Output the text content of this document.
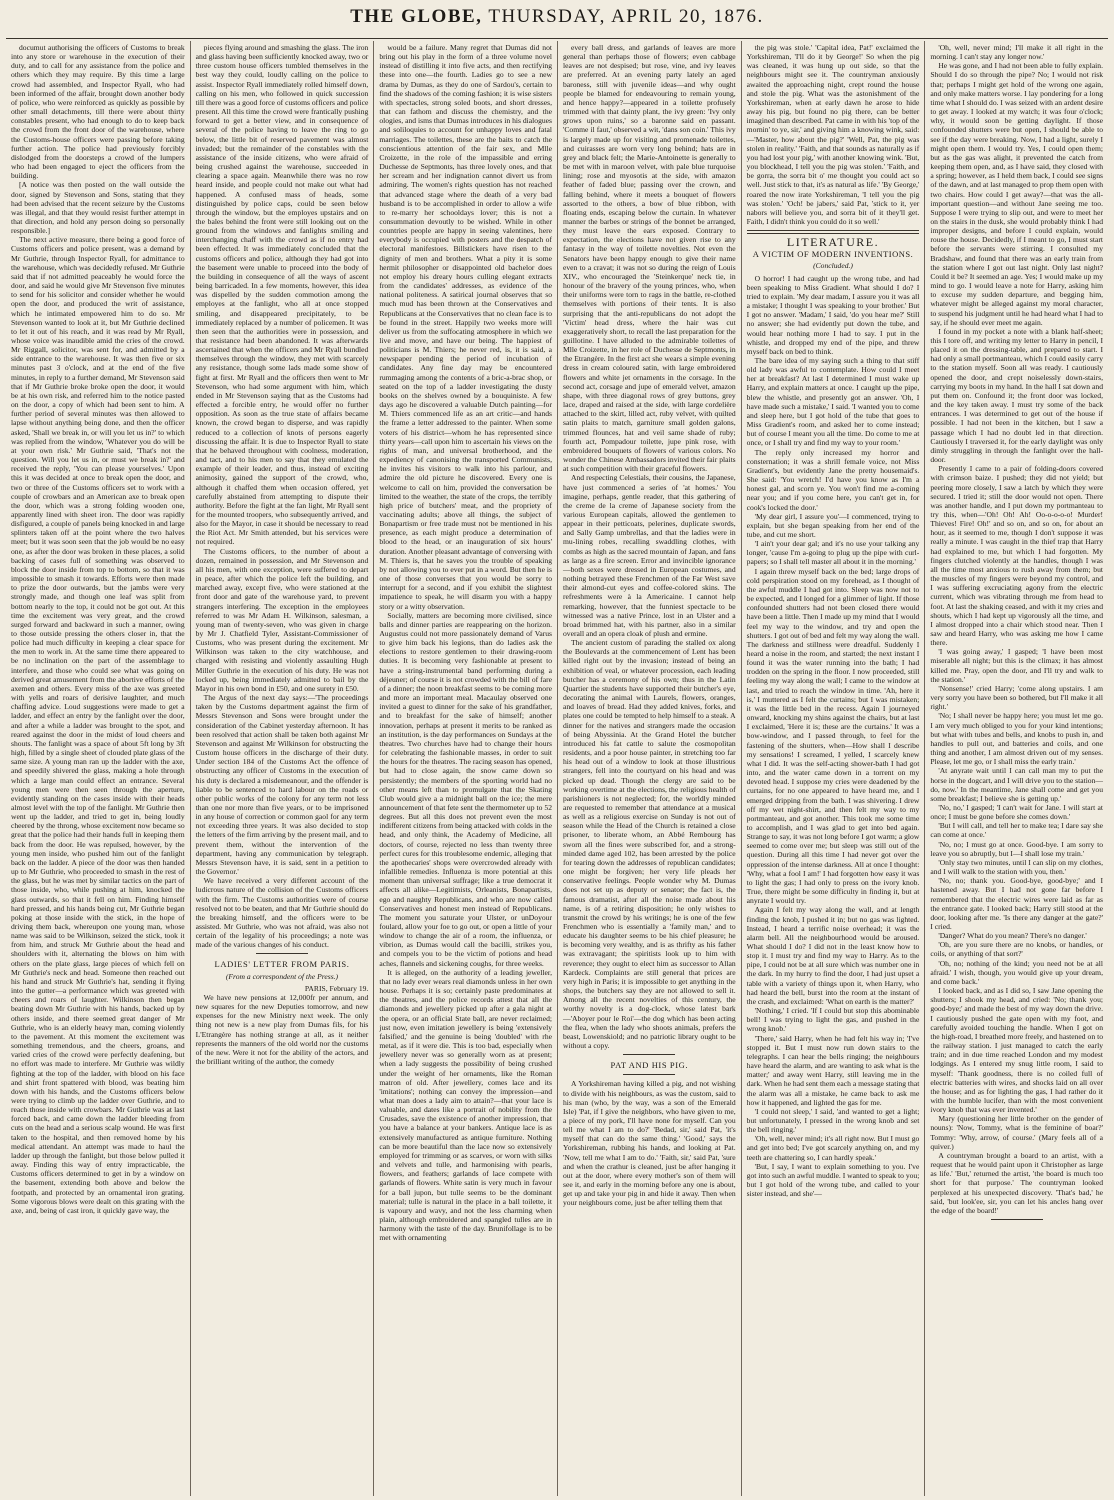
THE GLOBE, THURSDAY, APRIL 20, 1876.

documut authorising the officers of Customs to break into any store or warehouse in the execution of their duty, and to call for any assistance from the police and others which they may require. By this time a large crowd had assembled, and Inspector Ryall, who had been informed of the affair, brought down another body of police, who were reinforced as quickly as possible by other small detachments, till there were about thirty constables present, who had enough to do to keep back the crowd from the front door of the warehouse, where the Customs-house officers were passing before taking further action. The police had previously forcibly dislodged from the doorsteps a crowd of the lumpers who had been engaged to eject the officers from the building.

[A notice was then posted on the wall outside the door, signed by Stevenson and Sons, stating that they had been advised that the recent seizure by the Customs was illegal, and that they would resist further attempt in that direction, and hold any person doing so personally responsible.]

The next active measure, there being a good force of Customs officers and police present, was a demand by Mr Guthrie, through Inspector Ryall, for admittance to the warehouse, which was decidedly refused. Mr Guthrie said that if not admitted peaceably he would force the door, and said he would give Mr Stevenson five minutes to send for his solicitor and consider whether he would open the door, and produced the writ of assistance, which he intimated empowered him to do so. Mr Stevenson wanted to look at it, but Mr Guthrie declined to let it out of his reach, and it was read by Mr Ryall, whose voice was inaudible amid the cries of the crowd. Mr Riggall, solicitor, was sent for, and admitted by a side entrance to the warehouse. It was then five or six minutes past 3 o'clock, and at the end of the five minutes, in reply to a further demand, Mr Stevenson said that if Mr Guthrie broke broke open the door, it would be at his own risk, and referred him to the notice pasted on the door, a copy of which had been sent to him. A further period of several minutes was then allowed to lapse without anything being done, and then the officer asked, 'Shall we break in, or will you let us in?' to which was replied from the window, 'Whatever you do will be at your own risk.' Mr Guthrie said, 'That's not the question. Will you let us in, or must we break in?' and received the reply, 'You can please yourselves.' Upon this it was decided at once to break open the door, and two or three of the Customs officers set to work with a couple of crowbars and an American axe to break open the door, which was a strong folding wooden one, apparently lined with sheet iron. The door was rapidly disfigured, a couple of panels being knocked in and large splinters taken off at the point where the two halves meet; but it was soon seen that the job would be no easy one, as after the door was broken in these places, a solid backing of cases full of something was observed to block the door inside from top to bottom, so that it was impossible to smash it towards. Efforts were then made to prize the door outwards, but the jambs were very strongly made, and though one leaf was split from bottom nearly to the top, it could not be got out. At this time the excitement was very great, and the crowd surged forward and backward in such a manner, owing to those outside pressing the others closer in, that the police had much difficulty in keeping a clear space for the men to work in. At the same time there appeared to be no inclination on the part of the assemblage to interfere, and those who could see what was going on derived great amusement from the abortive efforts of the axemen and others. Every miss of the axe was greeted with yells and roars of derisive laughter, and much chaffing advice. Loud suggestions were made to get a ladder, and effect an entry by the fanlight over the door, and after a while a ladder was brought to the spot, and reared against the door in the midst of loud cheers and shouts. The fanlight was a space of about 5ft long by 3ft high, filled by a single sheet of clouded plate glass of the same size. A young man ran up the ladder with the axe, and speedily shivered the glass, making a hole through which a large man could effect an entrance. Several young men were then seen through the aperture, evidently standing on the cases inside with their heads almost level with the top of the fanlight. Mr Guthrie then went up the ladder, and tried to get in, being loudly cheered by the throng, whose excitement now became so great that the police had their hands full in keeping them back from the door. He was repulsed, however, by the young men inside, who pushed him out of the fanlight back on the ladder. A piece of the door was then handed up to Mr Guthrie, who proceeded to smash in the rest of the glass, but he was met by similar tactics on the part of those inside, who, while pushing at him, knocked the glass outwards, so that it fell on him. Finding himself hard pressed, and his hands being cut, Mr Guthrie began poking at those inside with the stick, in the hope of driving them back, whereupon one young man, whose name was said to be Wilkinson, seized the stick, took it from him, and struck Mr Guthrie about the head and shoulders with it, alternating the blows on him with others on the plate glass, large pieces of which fell on Mr Guthrie's neck and head. Someone then reached out his hand and struck Mr Guthrie's hat, sending it flying into the gutter—a performance which was greeted with cheers and roars of laughter. Wilkinson then began beating down Mr Guthrie with his hands, backed up by others inside, and there seemed great danger of Mr Guthrie, who is an elderly heavy man, coming violently to the pavement. At this moment the excitement was something tremendous, and the cheers, groans, and varied cries of the crowd were perfectly deafening, but no effort was made to interfere. Mr Guthrie was wildly fighting at the top of the ladder, with blood on his face and shirt front spattered with blood, was beating him down with his hands, and the Customs officers below were trying to climb up the ladder over Guthrie, and to reach those inside with crowbars. Mr Guthrie was at last forced back, and came down the ladder bleeding from cuts on the head and a serious scalp wound. He was first taken to the hospital, and then removed home by his medical attendant. An attempt was made to haul the ladder up through the fanlight, but those below pulled it away. Finding this way of entry impracticable, the Customs officers determined to get in by a window on the basement, extending both above and below the footpath, and protected by an ornamental iron grating. Some vigorous blows were dealt on this grating with the axe, and, being of cast iron, it quickly gave way, the

pieces flying around and smashing the glass. The iron and glass having been sufficiently knocked away, two or three custom house officers tumbled themselves in the best way they could, loudly calling on the police to assist. Inspector Ryall immediately rolled himself down, calling on his men, who followed in quick succession till there was a good force of customs officers and police present. All this time the crowd were frantically pushing forward to get a better view, and in consequence of several of the police having to leave the ring to go below, the little bit of reserved pavement was almost invaded; but the remainder of the constables with the assistance of the inside citizens, who were afraid of being crushed against the warehouse, succeeded in clearing a space again. Meanwhile there was no row heard inside, and people could not make out what had happened. A confused mass of heads, some distinguished by police caps, could be seen below through the window, but the employes upstairs and on the bales behind the front were still looking out on the ground from the windows and fanlights smiling and interchanging chaff with the crowd as if no entry had been effected. It was immediately concluded that the customs officers and police, although they had got into the basement were unable to proceed into the body of the building in consequence of all the ways of ascent being barricaded. In a few moments, however, this idea was dispelled by the sudden commotion among the employes at the fanlight, who all at once stopped smiling, and disappeared precipitately, to be immediately replaced by a number of policemen. It was then seen that the authorities were in possession, and that resistance had been abandoned. It was afterwards ascertained that when the officers and Mr Ryall bundled themselves through the window, they met with scarcely any resistance, though some lads made some show of fight at first. Mr Ryall and the officers then went to Mr Stevenson, who had some argument with him, which ended in Mr Stevenson saying that as the Customs had effected a forcible entry, he would offer no further opposition. As soon as the true state of affairs became known, the crowd began to disperse, and was rapidly reduced to a collection of knots of persons eagerly discussing the affair. It is due to Inspector Ryall to state that he behaved throughout with coolness, moderation, and tact, and to his men to say that they emulated the example of their leader, and thus, instead of exciting animosity, gained the support of the crowd, who, although it chaffed them when occasion offered, yet carefully abstained from attempting to dispute their authority. Before the fight at the fan light, Mr Ryall sent for the mounted troopers, who subsequently arrived, and also for the Mayor, in case it should be necessary to read the Riot Act. Mr Smith attended, but his services were not required.

The Customs officers, to the number of about a dozen, remained in possession, and Mr Stevenson and all his men, with one exception, were suffered to depart in peace, after which the police left the building, and marched away, except five, who were stationed at the front door and gate of the warehouse yard, to prevent strangers interfering. The exception in the employees referred to was Mr Adam H. Wilkinson, salesman, a young man of twenty-seven, who was given in charge by Mr J. Chatfield Tyler, Assistant-Commissioner of Customs, who was present during the excitement. Mr Wilkinson was taken to the city watchhouse, and charged with resisting and violently assaulting Hugh Miller Guthrie in the execution of his duty. He was not locked up, being immediately admitted to bail by the Mayor in his own bond in £50, and one surety in £50.

The Argus of the next day says:—'The proceedings taken by the Customs department against the firm of Messrs Stevenson and Sons were brought under the consideration of the Cabinet yesterday afternoon. It has been resolved that action shall be taken both against Mr Stevenson and against Mr Wilkinson for obstructing the Custom house officers in the discharge of their duty. Under section 184 of the Customs Act the offence of obstructing any officer of Customs in the execution of his duty is declared a misdemeanour, and the offender is liable to be sentenced to hard labour on the roads or other public works of the colony for any term not less than one nor more than five years, or to be imprisoned in any house of correction or common gaol for any term not exceeding three years. It was also decided to stop the letters of the firm arriving by the present mail, and to prevent them, without the intervention of the department, having any communication by telegraph. Messrs Stevenson have, it is said, sent in a petition to the Governor.'

We have received a very different account of the ludicrous nature of the collision of the Customs officers with the firm. The Customs authorities were of course resolved not to be beaten, and that Mr Guthrie should do the breaking himself, and the officers were to be assisted. Mr Guthrie, who was not afraid, was also not certain of the legality of his proceedings; a note was made of the various changes of his conduct.

LADIES' LETTER FROM PARIS.
(From a correspondent of the Press.)

PARIS, February 19.

We have new pensions at 12,000fr per annum, and new squares for the new Deputies tomorrow, and new expenses for the new Ministry next week. The only thing not new is a new play from Dumas fils, for his L'Etrangère has nothing strange at all, as it neither represents the manners of the old world nor the customs of the new. Were it not for the ability of the actors, and the brilliant writing of the author, the comedy

would be a failure. Many regret that Dumas did not bring out his play in the form of a three volume novel instead of distilling it into five acts, and then rectifying these into one—the fourth. Ladies go to see a new drama by Dumas, as they do one of Sardou's, certain to find the shadows of the coming fashion; it is wise sisters with spectacles, strong soled boots, and short dresses, that can fathom and discuss the chemistry, and the ologies, and isms that Dumas introduces in his dialogues and soliloquies to account for unhappy loves and fatal marriages. The toilettes, these are the baits to catch the conscientious attention of the fair sex, and Mlle Croizette, in the role of the impassible and erring Duchesse de Septmonts, has three lovely ones, and that her scream and her indignation cannot divert us from admiring. The women's rights question has not reached that advanced stage where the death of a very bad husband is to be accomplished in order to allow a wife to re-marry her schooldays lover; this is not a consummation devoutly to be wished. While in other countries people are happy in seeing valentines, here everybody is occupied with posters and the despatch of electoral manifestoes. Billstickers have risen to the dignity of men and brothers. What a pity it is some hermit philosopher or disappointed old bachelor does not employ his dreary hours culling elegant extracts from the candidates' addresses, as evidence of the national politeness. A satirical journal observes that so much mud has been thrown at the Conservatives and Republicans at the Conservatives that no clean face is to be found in the street. Happily two weeks more will deliver us from the suffocating atmosphere in which we live and move, and have our being. The happiest of politicians is M. Thiers; he never red, is, it is said, a newspaper pending the period of incubation of candidates. Any fine day may be encountered rummaging among the contents of a bric-a-brac shop, or seated on the top of a ladder investigating the dusty books on the shelves owned by a bouquiniste. A few days ago he discovered a valuable Dutch painting—for M. Thiers commenced life as an art critic—and hands the frame a letter addressed to the painter. When some voters of his district—whom he has represented since thirty years—call upon him to ascertain his views on the rights of man, and universal brotherhood, and the expediency of canonising the transported Communists, he invites his visitors to walk into his parlour, and admire the old picture he discovered. Every one is welcome to call on him, provided the conversation be limited to the weather, the state of the crops, the terribly high price of butchers' meat, and the propriety of vaccinating adults; above all things, the subject of Bonapartism or free trade must not be mentioned in his presence, as each might produce a determination of blood to the head, or an inauguration of six hours' duration. Another pleasant advantage of conversing with M. Thiers is, that he saves you the trouble of speaking by not allowing you to ever put in a word. But then he is one of those converses that you would be sorry to interrupt for a second, and if you exhibit the slightest impatience to speak, he will disarm you with a happy story or a witty observation.

Socially, matters are becoming more civilised, since balls and dinner parties are reappearing on the horizon. Augustus could not more passionately demand of Varus to give him back his legions, than do ladies ask the elections to restore gentlemen to their drawing-room duties. It is becoming very fashionable at present to have a string-instrumental band performing during a déjeuner; of course it is not crowded with the bill of fare of a dinner; the noon breakfast seems to be coming more and more an important meal. Macaulay observed one invited a guest to dinner for the sake of his grandfather, and to breakfast for the sake of himself; another innovation, perhaps at present it merits to be ranked as an institution, is the day performances on Sundays at the theatres. Two churches have had to change their hours for celebrating the fashionable masses, in order to suit the hours for the theatres. The racing season has opened, but had to close again, the snow came down so persistently; the members of the sporting world had no other means left than to promulgate that the Skating Club would give a a midnight ball on the ice; the mere announcement of that fete sent the thermometer up to 52 degrees. But all this does not prevent even the most indifferent citizens from being attacked with colds in the head, and only think, the Academy of Medicine, all doctors, of course, rejected no less than twenty three perfect cures for this troublesome endemic, alleging that the apothecaries' shops were overcrowded already with infallible remedies. Influenza is more potential at this moment than universal suffrage; like a true democrat it affects all alike—Legitimists, Orleanists, Bonapartists, ego and naughty Republicans, and who are now called Conservatives and honest men instead of Republicans. The moment you saturate your Ulster, or unDoyour foulard, allow your foe to go out, or open a little of your window to change the air of a room, the influenza, or vibrion, as Dumas would call the bacilli, strikes you, and compels you to be the victim of potions and head aches, flannels and sickening coughs, for three weeks.

It is alleged, on the authority of a leading jeweller, that no lady ever wears real diamonds unless in her own house. Perhaps it is so; certainly paste predominates at the theatres, and the police records attest that all the diamonds and jewellery picked up after a gala night at the opera, or an official State ball, are never reclaimed; just now, even imitation jewellery is being 'extensively falsified,' and the genuine is being 'doubled' with rhe metal, as if it were die. This is too bad, especially when jewellery never was so generally worn as at present; when a lady suggests the possibility of being crushed under the weight of her ornaments, like the Roman matron of old. After jewellery, comes lace and its 'imitations'; nothing can convey the impression—and what man does a lady aim to attain?—that your lace is valuable, and dates like a portrait of nobility from the Crusades, save the existence of another impression, that you have a balance at your bankers. Antique lace is as extensively manufactured as antique furniture. Nothing can be more beautiful than the lace now so extensively employed for trimming or as scarves, or worn with silks and velvets and tulle, and harmonising with pearls, flowers, and feathers; garlands of lace compete with garlands of flowers. White satin is very much in favour for a ball jupon, but tulle seems to be the dominant material; tulle is natural in the place in a ball toilette, it is vapoury and wavy, and not the less charming when plain, although embroidered and spangled tulles are in harmony with the taste of the day. Brunifollage is to be met with ornamenting

every ball dress, and garlands of leaves are more general than perhaps those of flowers; even cabbage leaves are not despised; but rose, vine, and ivy leaves are preferred. At an evening party lately an aged baroness, still with juvenile ideas—and why ought people be blamed for endeavouring to remain young, and hence happy?—appeared in a toilette profusely trimmed with that dainty plant, the ivy green: 'Ivy only grows upon ruins,' so a baronne said en passant. 'Comme il faut,' observed a wit, 'dans son coin.' This ivy is largely made up for visiting and promenade toilettes, and cuirasses are worn very long behind; hats are in grey and black felt; the Marie-Antoinette is generally to be met with in maroon velvet, with pale blue turquoise lining; rose and myosotis at the side, with amazon feather of faded blue; passing over the crown, and falling behind, where it meets a bouquet of flowers assorted to the others, a bow of blue ribbon, with floating ends, escaping below the curtain. In whatever manner the barbes or strings of the bonnet be arranged, they must leave the ears exposed. Contrary to expectation, the elections have not given rise to any fantasy in the way of toilette novelties. Not even the Senators have been happy enough to give their name even to a cravat; it was not so during the reign of Louis XIV., who encouraged the 'Steinkerque' neck tie, in honour of the bravery of the young princes, who, when their uniforms were torn to rags in the battle, re-clothed themselves with portions of their tents. It is also surprising that the anti-republicans do not adopt the 'Victim' head dress, where the hair was cut exaggeratively short, to recall the last preparation for the guillotine. I have alluded to the admirable toilettes of Mlle Croizette, in her role of Duchesse de Septmonts, in the Etrangère. In the first act she wears a simple evening dress in cream coloured satin, with large embroidered flowers and white jet ornaments in the corsage. In the second act, corsage and jupe of emerald velvet, amazon shape, with three diagonal rows of grey buttons, grey lace, draped and raised at the side, with large cordelière attached to the skirt, lilled act, ruby velvet, with quilted satin plaits to match, garniture small golden galons, trimmed flounces, hat and veil same shade of ruby; fourth act, Pompadour toilette, jupe pink rose, with embroidered bouquets of flowers of various colors. No wonder the Chinese Ambassadors invited their fair plaits at such competition with their graceful flowers.

And respecting Celestials, their cousins, the Japanese, have just commenced a series of 'at homes.' You imagine, perhaps, gentle reader, that this gathering of the creme de la creme of Japanese society from the various European capitals, allowed the gentlemen to appear in their petticoats, pelerines, duplicate swords, and Sally Gamp umbrellas, and that the ladies were in mu-lining robes, recalling swaddling clothes, with combs as high as the sacred mountain of Japan, and fans as large as a fire screen. Error and invincible ignorance—both sexes were dressed in European costumes, and nothing betrayed these Frenchmen of the Far West save their almond-cut eyes and coffee-colored skins. The refreshments were à la Americaine. I cannot help remarking, however, that the funniest spectacle to be witnessed was a native Prince, lost in an Ulster and a broad brimmed hat, with his partner, also in a similar overall and an opera cloak of plush and ermine.

The ancient custom of parading the stalled ox along the Boulevards at the commencement of Lent has been killed right out by the invasion; instead of being an exhibition of veal, or whatever procession, each leading butcher has a ceremony of his own; thus in the Latin Quartier the students have supported their butcher's eye, decorating the animal with Laurels, flowers, oranges, and loaves of bread. Had they added knives, forks, and plates one could be tempted to help himself to a steak. A dinner for the natives and strangers made the occasion of being Abyssinia. At the Grand Hotel the butcher introduced his fat cattle to salute the cosmopolitan residents, and a poor house painter, in stretching too far his head out of a window to look at those illustrious strangers, fell into the courtyard on his head and was picked up dead. Though the clergy are said to be working overtime at the elections, the religious health of parishioners is not neglected; for, the worldly minded are requested to remember that attendance at a musical as well as a religious exercise on Sunday is not out of season while the Head of the Church is retained a close prisoner, to liberate whom, an Abbé Rembourg has sworn all the fines were subscribed for, and a strong-minded dame aged 102, has been arrested by the police for tearing down the addresses of republican candidates; one might be forgiven; her very life pleads her conservative feelings. People wonder why M. Dumas does not set up as deputy or senator; the fact is, the famous dramatist, after all the noise made about his name, is of a retiring disposition; he only wishes to transmit the crowd by his writings; he is one of the few Frenchmen who is essentially a 'family man,' and to educate his daughter seems to be his chief pleasure; he is becoming very wealthy, and is as thrifty as his father was extravagant; the spiritists look up to him with reverence; they ought to elect him as successor to Allan Kardeck. Complaints are still general that prices are very high in Paris; it is impossible to get anything in the shops, the butchers say they are not allowed to sell it. Among all the recent novelties of this century, the worthy novelty is a dog-clock, whose latest bark—'Aboyer pour le Roi'—the dog which has been acting the flea, when the lady who shoots animals, prefers the beast, Lowenskiold; and no patriotic library ought to be without a copy.

PAT AND HIS PIG.

A Yorkshireman having killed a pig, and not wishing to divide with his neighbours, as was the custom, said to his man (who, by the way, was a son of the Emerald Isle) 'Pat, if I give the neighbors, who have given to me, a piece of my pork, I'll have none for myself. Can you tell me what I am to do?' 'Bedad, sir,' said Pat, 'it's myself that can do the same thing.' 'Good,' says the Yorkshireman, rubbing his hands, and looking at Pat. 'Now, tell me what I am to do.' 'Faith, sir,' said Pat, 'sure and when the crathur is cleaned, just be after hanging it out at the door, where every mother's son of them will see it, and early in the morning before any one is about, get up and take your pig in and hide it away. Then when your neighbours come, just be after telling them that

the pig was stole.' 'Capital idea, Pat!' exclaimed the Yorkshireman, 'I'll do it by George!' So when the pig was cleaned, it was hung up out side, so that the neighbours might see it. The countryman anxiously awaited the approaching night, crept round the house and stole the pig. What was the astonishment of the Yorkshireman, when at early dawn he arose to hide away his pig, but found no pig there, can be better imagined than described. Pat came in with his 'top of the mornin' to ye, sir,' and giving him a knowing wink, said:—'Master, how about the pig?' 'Well, Pat, the pig was stolen in reality.' 'Faith, and that sounds as naturally as if you had lost your pig,' with another knowing wink. 'But, you blockhead, I tell you the pig was stolen.' 'Faith, and be gorra, the sorra bit o' me thought you could act so well. Just stick to that, it's as natural as life.' 'By George,' roared the now irate Yorkshireman, 'I tell you the pig was stolen.' 'Och! be jabers,' said Pat, 'stick to it, yer nabors will believe you, and sorra bit of it they'll get. Faith, I didn't think you could do it so well.'

LITERATURE.
A VICTIM OF MODERN INVENTIONS.
(Concluded.)

O horror! I had caught up the wrong tube, and had been speaking to Miss Gradient. What should I do? I tried to explain. 'My dear madam, I assure you it was all a mistake; I thought I was speaking to your brother.' But I got no answer. 'Madam,' I said, 'do you hear me?' Still no answer; she had evidently put down the tube, and would hear nothing more I had to say. I put in the whistle, and dropped my end of the pipe, and threw myself back on bed to think.

The bare idea of my saying such a thing to that stiff old lady was awful to contemplate. How could I meet her at breakfast? At last I determined I must wake up Harry, and explain matters at once. I caught up the pipe, blew the whistle, and presently got an answer. 'Oh, I have made such a mistake,' I said. 'I wanted you to come and sleep here, but I got hold of the tube that goes to Miss Gradient's room, and asked her to come instead; but of course I meant you all the time. Do come to me at once, or I shall try and find my way to your room.'

The reply only increased my horror and consternation; it was a shrill female voice, not Miss Gradient's, but evidently Jane the pretty housemaid's. She said: 'You wretch! I'd have you know as I'm a honest gal, and scorn ye. You won't find me a-coming near you; and if you come here, you can't get in, for cook's locked the door.'

'My dear girl, I assure you'—I commenced, trying to explain, but she began speaking from her end of the tube, and cut me short.

'I ain't your dear gal; and it's no use your talking any longer, 'cause I'm a-going to plug up the pipe with curl-papers; so I shall tell master all about it in the morning.'

I again threw myself back on the bed; large drops of cold perspiration stood on my forehead, as I thought of the awful muddle I had got into. Sleep was now not to be expected, and I longed for a glimmer of light. If those confounded shutters had not been closed there would have been a little. Then I made up my mind that I would feel my way to the window, and try and open the shutters. I got out of bed and felt my way along the wall. The darkness and stillness were dreadful. Suddenly I heard a noise in the room, and started; the next instant I found it was the water running into the bath; I had trodden on the spring in the floor. I now proceeded, still feeling my way along the wall; I came to the window at last, and tried to reach the window in time. 'Ah, here it is,' I muttered as I felt the curtains; but I was mistaken; it was the little bed in the recess. Again I journeyed onward, knocking my shins against the chairs, but at last I exclaimed, 'Here it is; these are the curtains.' It was a bow-window, and I passed through, to feel for the fastening of the shutters, when—How shall I describe my sensations! I screamed, I yelled, I scarcely knew what I did. It was the self-acting shower-bath I had got into, and the water came down in a torrent on my devoted head. I suppose my cries were deadened by the curtains, for no one appeared to have heard me, and I emerged dripping from the bath. I was shivering. I drew off my wet night-shirt, and then felt my way to my portmanteau, and got another. This took me some time to accomplish, and I was glad to get into bed again. Strange to say, it was not long before I got warm; a glow seemed to come over me; but sleep was still out of the question. During all this time I had never got over the oppression of the intense darkness. All at once I thought: 'Why, what a fool I am!' I had forgotten how easy it was to light the gas; I had only to press on the ivory knob. True, there might be some difficulty in finding it, but at anyrate I would try.

Again I felt my way along the wall, and at length finding the knob, I pushed it in; but no gas was lighted. Instead, I heard a terrific noise overhead; it was the alarm bell. All the neighbourhood would be aroused. What should I do? I did not in the least know how to stop it. I must try and find my way to Harry. As to the pipe, I could not be at all sure which was number one in the dark. In my hurry to find the door, I had just upset a table with a variety of things upon it, when Harry, who had heard the bell, burst into the room at the instant of the crash, and exclaimed: 'What on earth is the matter?'

'Nothing,' I cried. 'If I could but stop this abominable bell! I was trying to light the gas, and pushed in the wrong knob.'

'There,' said Harry, when he had felt his way in; 'I've stopped it. But I must now run down stairs to the telegraphs. I can hear the bells ringing; the neighbours have heard the alarm, and are wanting to ask what is the matter;' and away went Harry, still leaving me in the dark. When he had sent them each a message stating that the alarm was all a mistake, he came back to ask me how it happened, and lighted the gas for me.

'I could not sleep,' I said, 'and wanted to get a light; but unfortunately, I pressed in the wrong knob and set the bell ringing.'

'Oh, well, never mind; it's all right now. But I must go and get into bed; I've got scarcely anything on, and my teeth are chattering so, I can hardly speak.'

'But, I say, I want to explain something to you. I've got into such an awful muddle. I wanted to speak to you; but I got hold of the wrong tube, and called to your sister instead, and she'—

'Oh, well, never mind; I'll make it all right in the morning. I can't stay any longer now.'

He was gone, and I had not been able to fully explain. Should I do so through the pipe? No; I would not risk that; perhaps I might get hold of the wrong one again, and only make matters worse. I lay pondering for a long time what I should do. I was seized with an ardent desire to get away. I looked at my watch; it was four o'clock; why, it would soon be getting daylight. If those confounded shutters were but open, I should be able to see if the day were breaking. Now, I had a light, surely I might open them. I would try. Yes, I could open them; but as the gas was alight, it prevented the catch from keeping them open, and, as I have said, they closed with a spring; however, as I held them back, I could see signs of the dawn, and at last managed to prop them open with two chairs. How could I get away?—that was the all-important question—and without Jane seeing me too. Suppose I were trying to slip out, and were to meet her on the stairs in the dusk, she would probably think I had improper designs, and before I could explain, would rouse the house. Decidedly, if I meant to go, I must start before the servants were stirring. I consulted my Bradshaw, and found that there was an early train from the station where I got out last night. Only last night? Could it be? It seemed an age. Yes; I would make up my mind to go. I would leave a note for Harry, asking him to excuse my sudden departure, and begging him, whatever might be alleged against my moral character, to suspend his judgment until he had heard what I had to say, if he should ever meet me again.

I found in my pocket a note with a blank half-sheet; this I tore off, and writing my letter to Harry in pencil, I placed it on the dressing-table, and prepared to start. I had only a small portmanteau, which I could easily carry to the station myself. Soon all was ready. I cautiously opened the door, and crept noiselessly down-stairs, carrying my boots in my hand. In the hall I sat down and put them on. Confound it; the front door was locked, and the key taken away. I must try some of the back entrances. I was determined to get out of the house if possible. I had not been in the kitchen, but I saw a passage which I had no doubt led in that direction. Cautiously I traversed it, for the early daylight was only dimly struggling in through the fanlight over the hall-door.

Presently I came to a pair of folding-doors covered with crimson baize. I pushed; they did not yield; but peering more closely, I saw a latch by which they were secured. I tried it; still the door would not open. There was another handle, and I put down my portmanteau to try this, when—'Oh! Oh! Ah! Oo-o-o-o-o! Murder! Thieves! Fire! Oh!' and so on, and so on, for about an hour, as it seemed to me, though I don't suppose it was really a minute. I was caught in the thief trap that Harry had explained to me, but which I had forgotten. My fingers clutched violently at the handles, though I was all the time most anxious to rush away from them; but the muscles of my fingers were beyond my control, and I was suffering excruciating agony from the electric current, which was vibrating through me from head to foot. At last the shaking ceased, and with it my cries and shouts, which I had kept up vigorously all the time, and I almost dropped into a chair which stood near. Then I saw and heard Harry, who was asking me how I came there.

'I was going away,' I gasped; 'I have been most miserable all night; but this is the climax; it has almost killed me. Pray, open the door, and I'll try and walk to the station.'

'Nonsense!' cried Harry; 'come along upstairs. I am very sorry you have been so bothered, but I'll make it all right.'

'No; I shall never be happy here; you must let me go. I am very much obliged to you for your kind intentions; but what with tubes and bells, and knobs to push in, and handles to pull out, and batteries and coils, and one thing and another, I am almost driven out of my senses. Please, let me go, or I shall miss the early train.'

'At anyrate wait until I can call man my to put the horse in the dogcart, and I will drive you to the station—do, now.' In the meantime, Jane shall come and get you some breakfast; I believe she is getting up.'

'No, no,' I gasped; 'I can't wait for Jane. I will start at once; I must be gone before she comes down.'

'But I will call, and tell her to make tea; I dare say she can come at once.'

'No, no; I must go at once. Good-bye. I am sorry to leave you so abruptly, but I—I shall lose my train.'

'Only stay two minutes, until I can slip on my clothes, and I will walk to the station with you, then.'

'No, no; thank you. Good-bye, good-bye;' and I hastened away. But I had not gone far before I remembered that the electric wires were laid as far as the entrance gate. I looked back; Harry still stood at the door, looking after me. 'Is there any danger at the gate?' I cried.

'Danger? What do you mean? There's no danger.'

'Oh, are you sure there are no knobs, or handles, or coils, or anything of that sort?'

'Oh, no; nothing of the kind; you need not be at all afraid.' I wish, though, you would give up your dream, and come back.'

I looked back, and as I did so, I saw Jane opening the shutters; I shook my head, and cried: 'No; thank you; good-bye;' and made the best of my way down the drive. I cautiously pushed the gate open with my foot, and carefully avoided touching the handle. When I got on the high-road, I breathed more freely, and hastened on to the railway station. I just managed to catch the early train; and in due time reached London and my modest lodgings. As I entered my snug little room, I said to myself: 'Thank goodness, there is no coiled full of electric batteries with wires, and shocks laid on all over the house; and as for lighting the gas, I had rather do it with the humble lucifer, than with the most convenient ivory knob that was ever invented.'

Mary (questioning her little brother on the gender of nouns): 'Now, Tommy, what is the feminine of boar?' Tommy: 'Why, arrow, of course.' (Mary feels all of a quiver.)

A countryman brought a board to an artist, with a request that he would paint upon it Christopher as large as life.' 'But,' returned the artist, 'the board is much too short for that purpose.' The countryman looked perplexed at his unexpected discovery. 'That's bad,' he said, 'but look'ee, sir, you can let his ancles hang over the edge of the board!'
